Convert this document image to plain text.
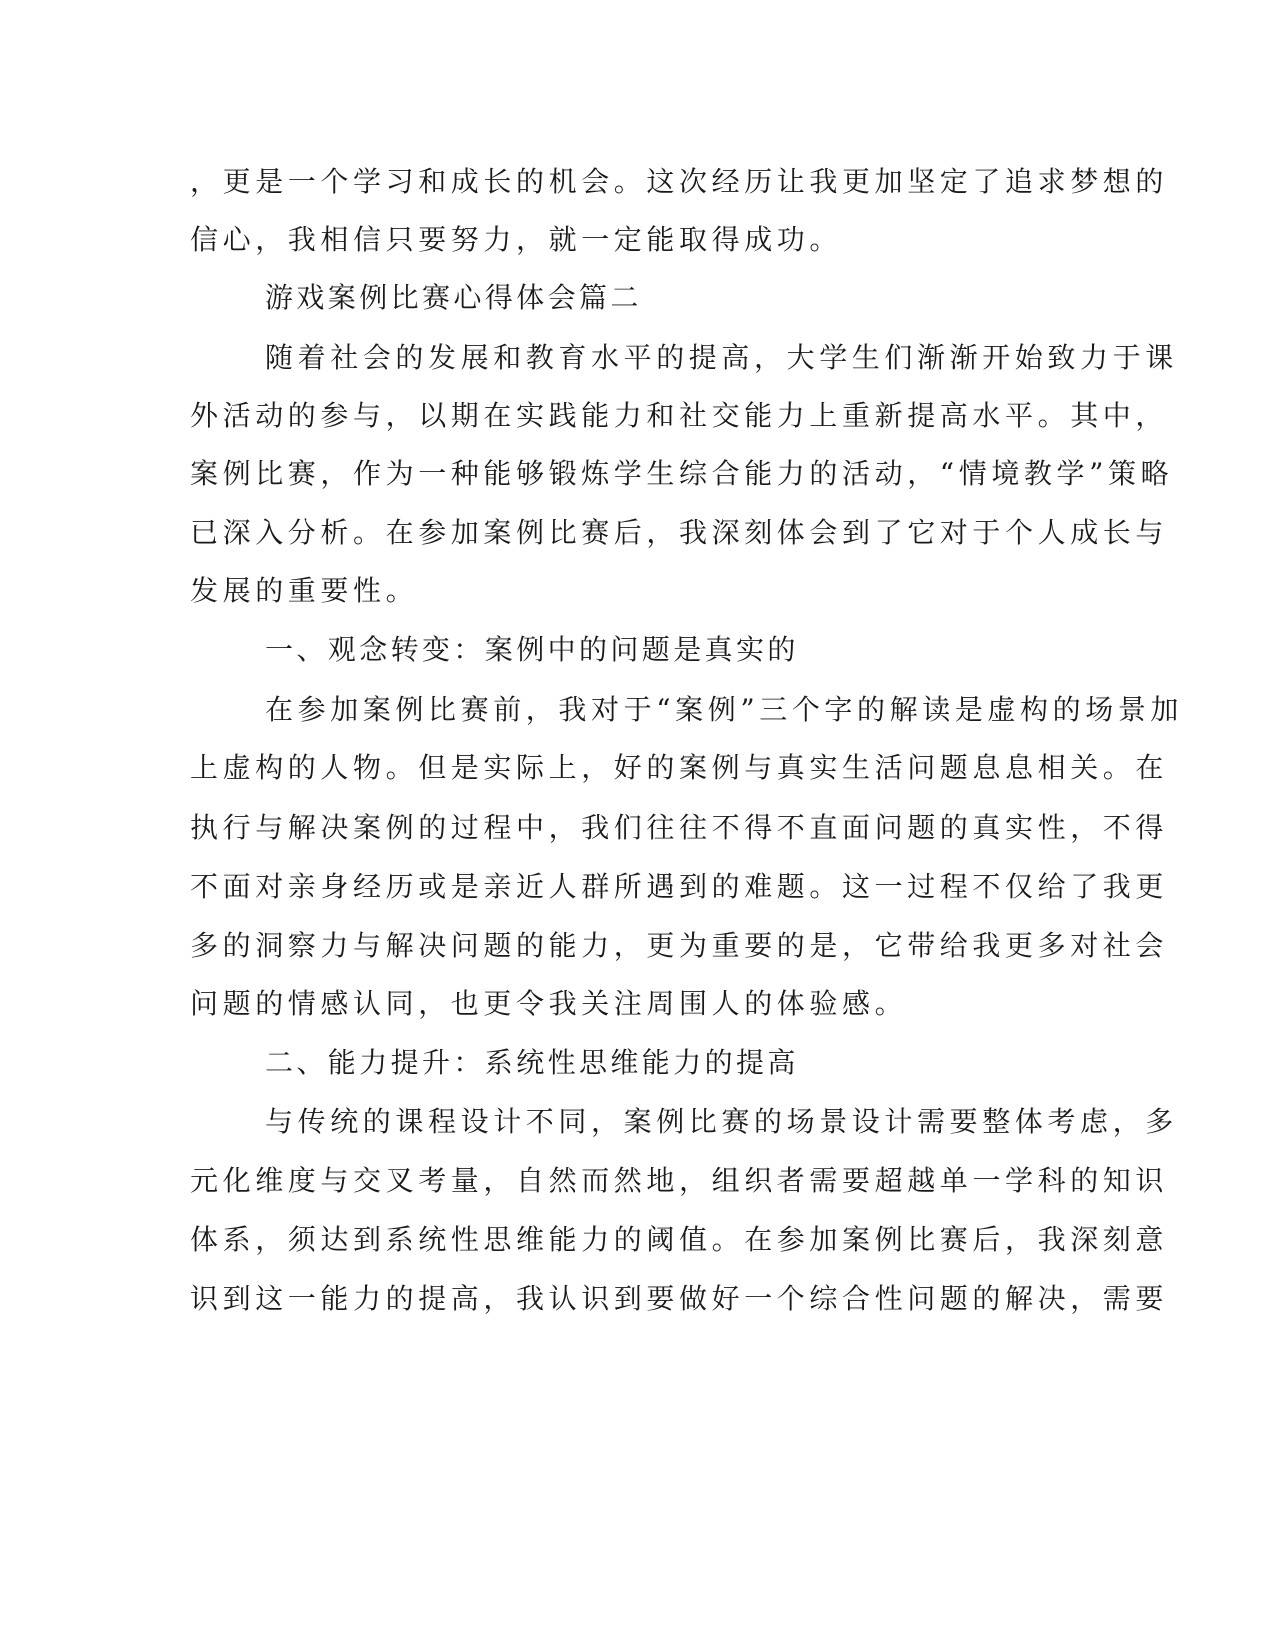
，更是一个学习和成长的机会。这次经历让我更加坚定了追求梦想的
信心，我相信只要努力，就一定能取得成功。
游戏案例比赛心得体会篇二
随着社会的发展和教育水平的提高，大学生们渐渐开始致力于课
外活动的参与，以期在实践能力和社交能力上重新提高水平。其中，
案例比赛，作为一种能够锻炼学生综合能力的活动，“情境教学”策略
已深入分析。在参加案例比赛后，我深刻体会到了它对于个人成长与
发展的重要性。
一、观念转变：案例中的问题是真实的
在参加案例比赛前，我对于“案例”三个字的解读是虚构的场景加
上虚构的人物。但是实际上，好的案例与真实生活问题息息相关。在
执行与解决案例的过程中，我们往往不得不直面问题的真实性，不得
不面对亲身经历或是亲近人群所遇到的难题。这一过程不仅给了我更
多的洞察力与解决问题的能力，更为重要的是，它带给我更多对社会
问题的情感认同，也更令我关注周围人的体验感。
二、能力提升：系统性思维能力的提高
与传统的课程设计不同，案例比赛的场景设计需要整体考虑，多
元化维度与交叉考量，自然而然地，组织者需要超越单一学科的知识
体系，须达到系统性思维能力的阈值。在参加案例比赛后，我深刻意
识到这一能力的提高，我认识到要做好一个综合性问题的解决，需要
